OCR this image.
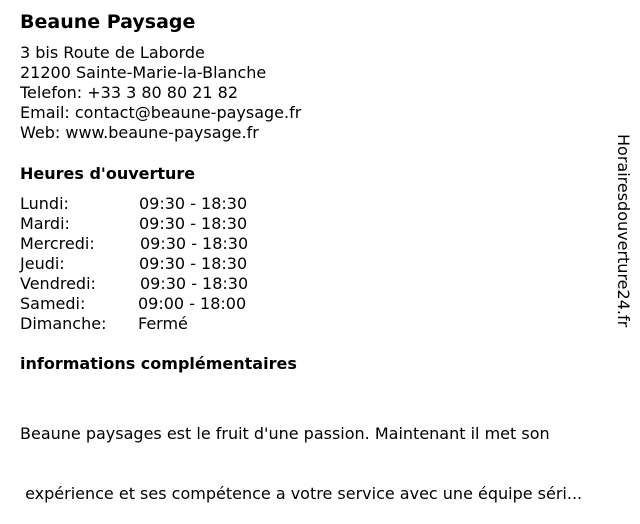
Beaune Paysage
3 bis Route de Laborde
21200 Sainte-Marie-la-Blanche
Telefon: +33 3 80 80 21 82
Email: contact@beaune-paysage.fr
Web: www.beaune-paysage.fr
Heures d'ouverture
Lundi:	09:30 - 18:30
Mardi:	09:30 - 18:30
Mercredi:	09:30 - 18:30
Jeudi:	09:30 - 18:30
Vendredi:	09:30 - 18:30
Samedi:	09:00 - 18:00
Dimanche: Fermé
informations complémentaires

Beaune paysages est le fruit d'une passion. Maintenant il met son

expérience et ses compétence a votre service avec une équipe séri...

Horairesdouverture24.fr
